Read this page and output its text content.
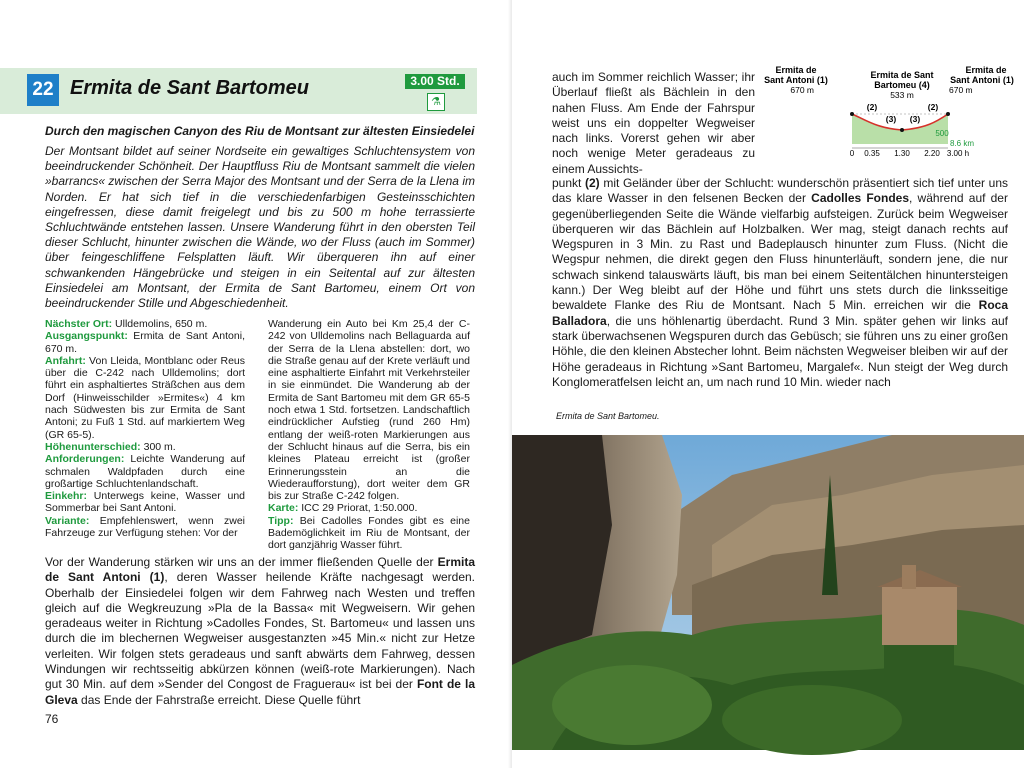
22 Ermita de Sant Bartomeu	3.00 Std.
⚗
Durch den magischen Canyon des Riu de Montsant zur ältesten Einsiedelei
Der Montsant bildet auf seiner Nordseite ein gewaltiges Schluchtensystem von beeindruckender Schönheit. Der Hauptfluss Riu de Montsant sammelt die vielen »barrancs« zwischen der Serra Major des Montsant und der Serra de la Llena im Norden. Er hat sich tief in die verschiedenfarbigen Gesteinsschichten eingefressen, diese damit freigelegt und bis zu 500 m hohe terrassierte Schluchtwände entstehen lassen. Unsere Wanderung führt in den obersten Teil dieser Schlucht, hinunter zwischen die Wände, wo der Fluss (auch im Sommer) über feingeschliffene Felsplatten läuft. Wir überqueren ihn auf einer schwankenden Hängebrücke und steigen in ein Seitental auf zur ältesten Einsiedelei am Montsant, der Ermita de Sant Bartomeu, einem Ort von beeindruckender Stille und Abgeschiedenheit.
Nächster Ort: Ulldemolins, 650 m.
Ausgangspunkt: Ermita de Sant Antoni, 670 m.
Anfahrt: Von Lleida, Montblanc oder Reus über die C-242 nach Ulldemolins; dort führt ein asphaltiertes Sträßchen aus dem Dorf (Hinweisschilder »Ermites«) 4 km nach Südwesten bis zur Ermita de Sant Antoni; zu Fuß 1 Std. auf markiertem Weg (GR 65-5).
Höhenunterschied: 300 m.
Anforderungen: Leichte Wanderung auf schmalen Waldpfaden durch eine großartige Schluchtenlandschaft.
Einkehr: Unterwegs keine, Wasser und Sommerbar bei Sant Antoni.
Variante: Empfehlenswert, wenn zwei Fahrzeuge zur Verfügung stehen: Vor der
Wanderung ein Auto bei Km 25,4 der C-242 von Ulldemolins nach Bellaguarda auf der Serra de la Llena abstellen: dort, wo die Straße genau auf der Krete verläuft und eine asphaltierte Einfahrt mit Verkehrsteiler in sie einmündet. Die Wanderung ab der Ermita de Sant Bartomeu mit dem GR 65-5 noch etwa 1 Std. fortsetzen. Landschaftlich eindrücklicher Aufstieg (rund 260 Hm) entlang der weiß-roten Markierungen aus der Schlucht hinaus auf die Serra, bis ein kleines Plateau erreicht ist (großer Erinnerungsstein an die Wiederaufforstung), dort weiter dem GR bis zur Straße C-242 folgen.
Karte: ICC 29 Priorat, 1:50.000.
Tipp: Bei Cadolles Fondes gibt es eine Bademöglichkeit im Riu de Montsant, der dort ganzjährig Wasser führt.
Vor der Wanderung stärken wir uns an der immer fließenden Quelle der Ermita de Sant Antoni (1), deren Wasser heilende Kräfte nachgesagt werden. Oberhalb der Einsiedelei folgen wir dem Fahrweg nach Westen und treffen gleich auf die Wegkreuzung »Pla de la Bassa« mit Wegweisern. Wir gehen geradeaus weiter in Richtung »Cadolles Fondes, St. Bartomeu« und lassen uns durch die im blechernen Wegweiser ausgestanzten »45 Min.« nicht zur Hetze verleiten. Wir folgen stets geradeaus und sanft abwärts dem Fahrweg, dessen Windungen wir rechtsseitig abkürzen können (weiß-rote Markierungen). Nach gut 30 Min. auf dem »Sender del Congost de Fraguerau« ist bei der Font de la Gleva das Ende der Fahrstraße erreicht. Diese Quelle führt
76
auch im Sommer reichlich Wasser; ihr Überlauf fließt als Bächlein in den nahen Fluss. Am Ende der Fahrspur weist uns ein doppelter Wegweiser nach links. Vorerst gehen wir aber noch wenige Meter geradeaus zu einem Aussichts-
Ermita de
Sant Antoni (1)
670 m
Ermita de Sant
Bartomeu (4)
533 m
Ermita de
Sant Antoni (1)
670 m
(2)
(3) (3)
(2)
500
8.6 km
0 0.35 1.30 2.20 3.00 h
punkt (2) mit Geländer über der Schlucht: wunderschön präsentiert sich tief unter uns das klare Wasser in den felsenen Becken der Cadolles Fondes, während auf der gegenüberliegenden Seite die Wände vielfarbig aufsteigen. Zurück beim Wegweiser überqueren wir das Bächlein auf Holzbalken. Wer mag, steigt danach rechts auf Wegspuren in 3 Min. zu Rast und Badeplausch hinunter zum Fluss. (Nicht die Wegspur nehmen, die direkt gegen den Fluss hinunterläuft, sondern jene, die nur schwach sinkend talauswärts läuft, bis man bei einem Seitentälchen hinuntersteigen kann.) Der Weg bleibt auf der Höhe und führt uns stets durch die linksseitige bewaldete Flanke des Riu de Montsant. Nach 5 Min. erreichen wir die Roca Balladora, die uns höhlenartig überdacht. Rund 3 Min. später gehen wir links auf stark überwachsenen Wegspuren durch das Gebüsch; sie führen uns zu einer großen Höhle, die den kleinen Abstecher lohnt. Beim nächsten Wegweiser bleiben wir auf der Höhe geradeaus in Richtung »Sant Bartomeu, Margalef«. Nun steigt der Weg durch Konglomeratfelsen leicht an, um nach rund 10 Min. wieder nach
Ermita de Sant Bartomeu.
